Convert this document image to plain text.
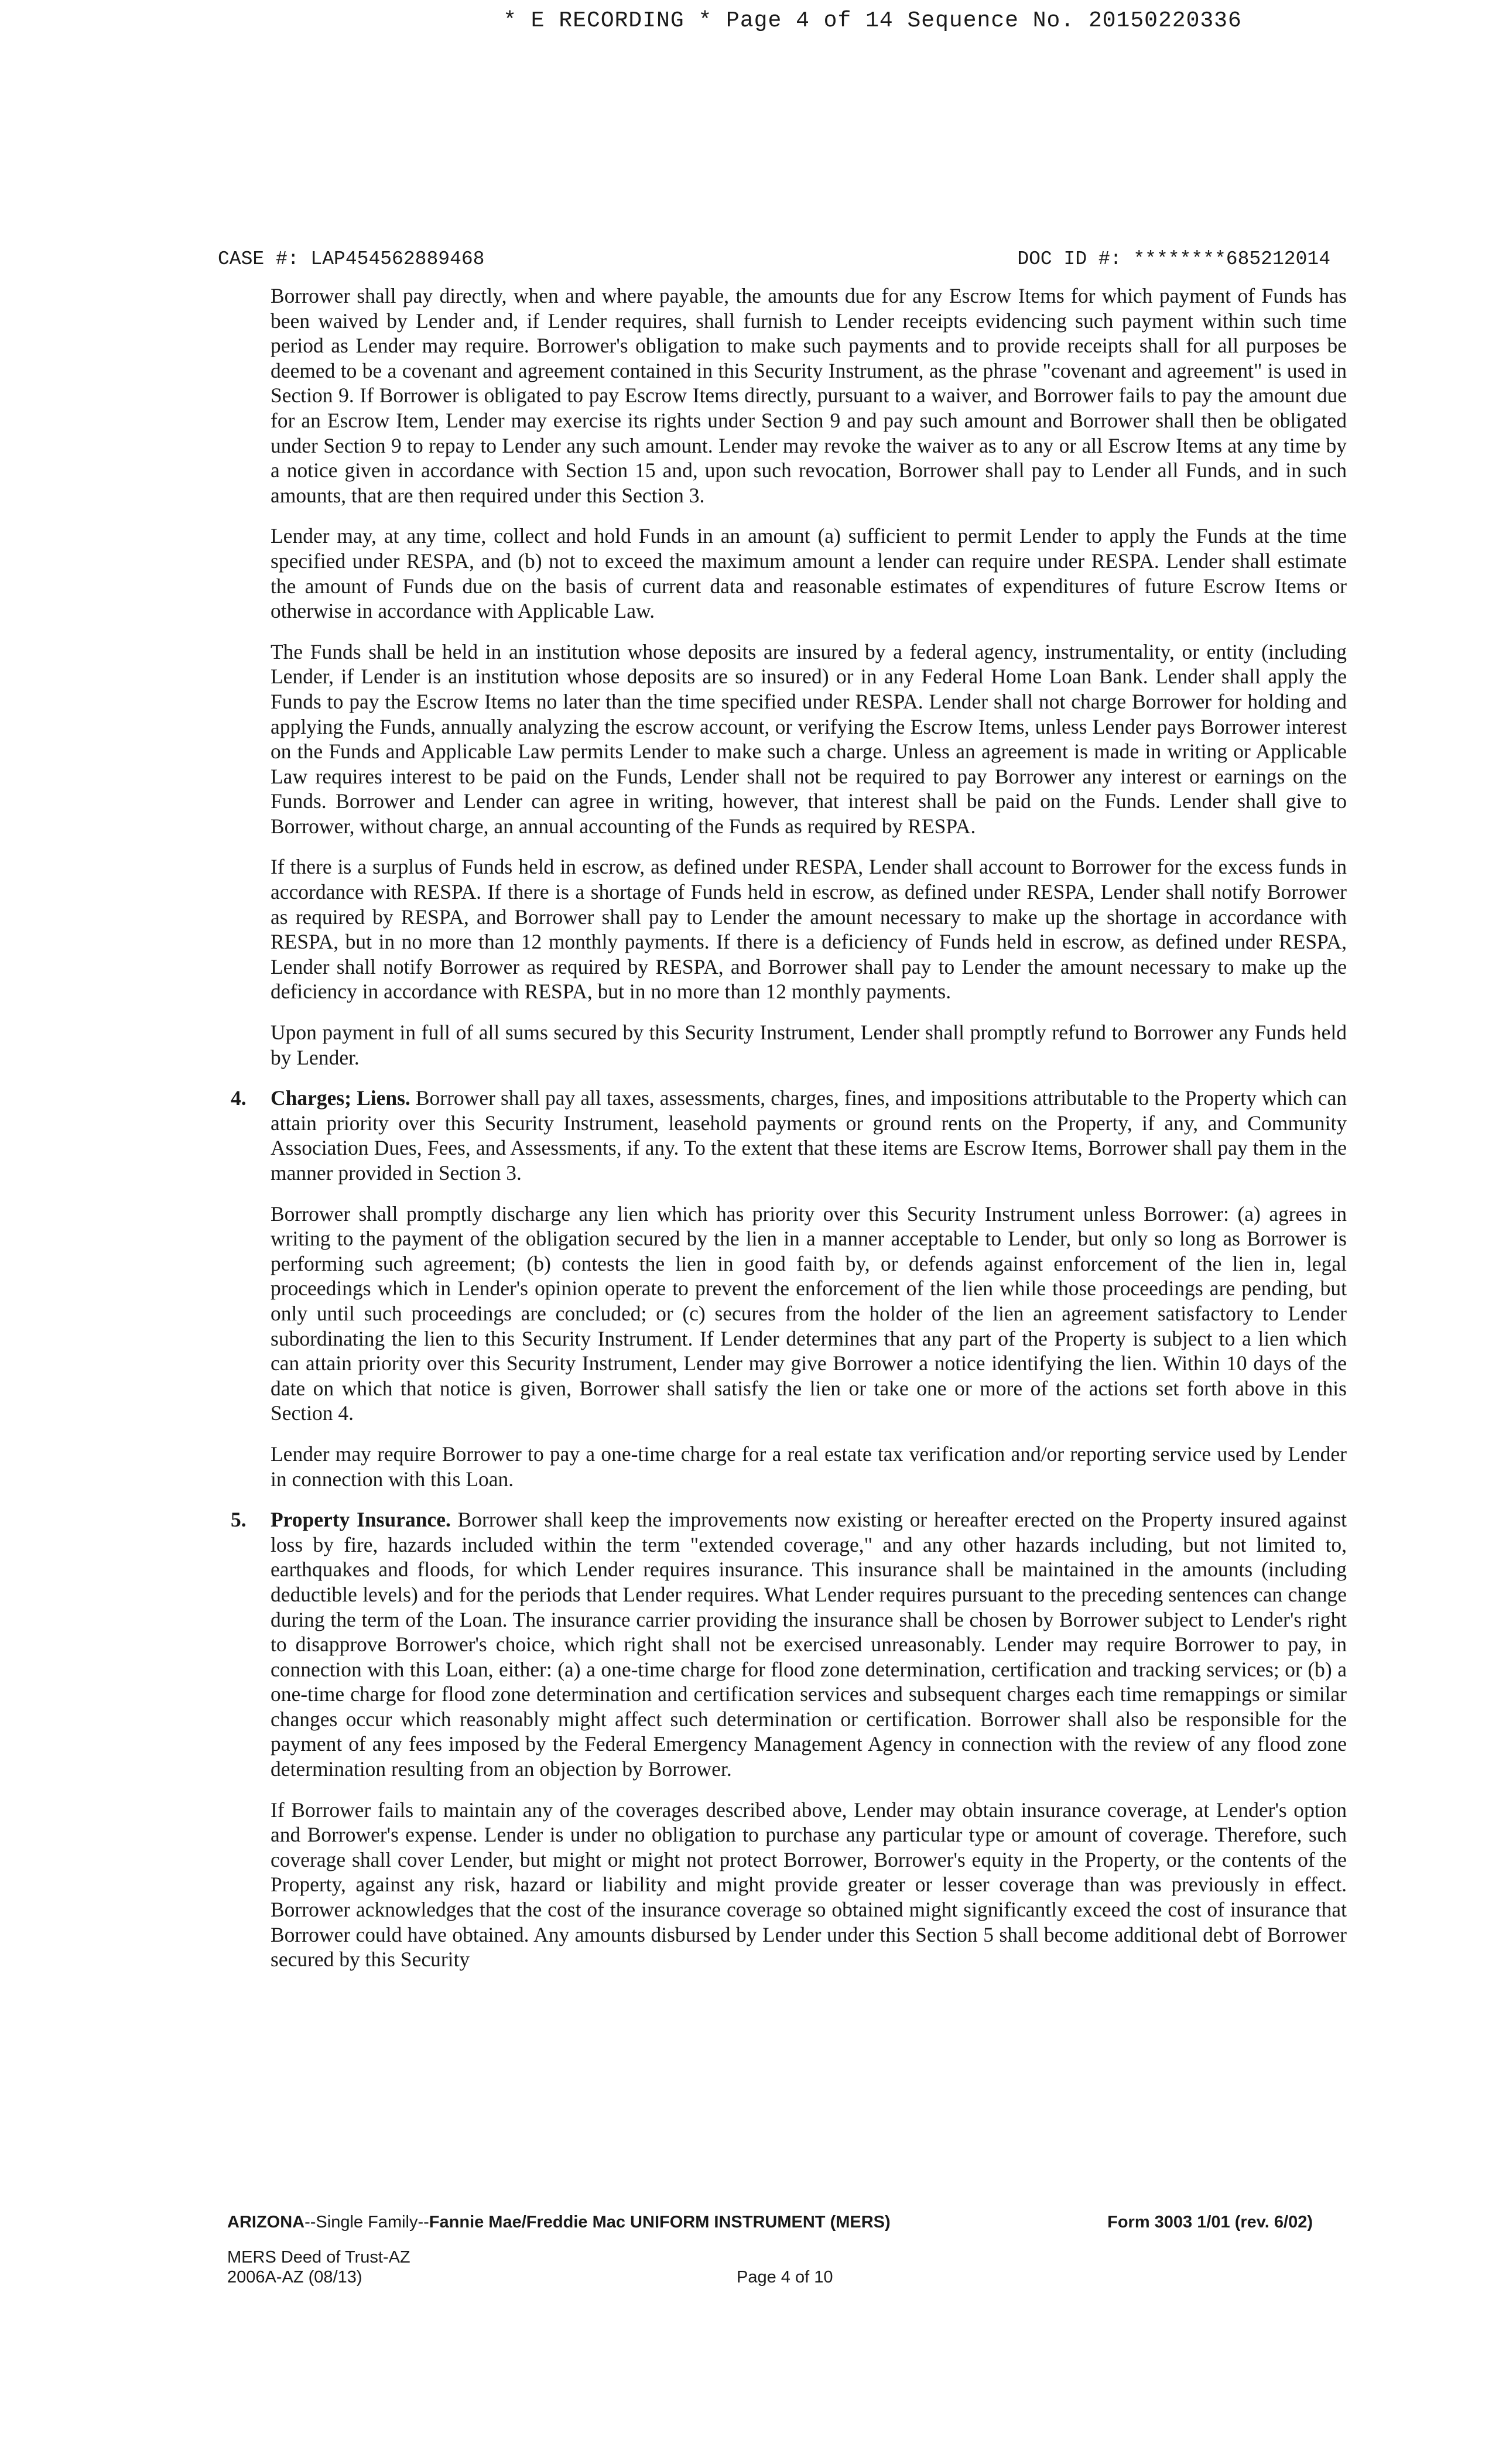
* E RECORDING * Page 4 of 14 Sequence No. 20150220336
CASE #: LAP454562889468	DOC ID #: ********685212014

Borrower shall pay directly, when and where payable, the amounts due for any Escrow Items for which payment of Funds has been waived by Lender and, if Lender requires, shall furnish to Lender receipts evidencing such payment within such time period as Lender may require. Borrower's obligation to make such payments and to provide receipts shall for all purposes be deemed to be a covenant and agreement contained in this Security Instrument, as the phrase "covenant and agreement" is used in Section 9. If Borrower is obligated to pay Escrow Items directly, pursuant to a waiver, and Borrower fails to pay the amount due for an Escrow Item, Lender may exercise its rights under Section 9 and pay such amount and Borrower shall then be obligated under Section 9 to repay to Lender any such amount. Lender may revoke the waiver as to any or all Escrow Items at any time by a notice given in accordance with Section 15 and, upon such revocation, Borrower shall pay to Lender all Funds, and in such amounts, that are then required under this Section 3.

Lender may, at any time, collect and hold Funds in an amount (a) sufficient to permit Lender to apply the Funds at the time specified under RESPA, and (b) not to exceed the maximum amount a lender can require under RESPA. Lender shall estimate the amount of Funds due on the basis of current data and reasonable estimates of expenditures of future Escrow Items or otherwise in accordance with Applicable Law.

The Funds shall be held in an institution whose deposits are insured by a federal agency, instrumentality, or entity (including Lender, if Lender is an institution whose deposits are so insured) or in any Federal Home Loan Bank. Lender shall apply the Funds to pay the Escrow Items no later than the time specified under RESPA. Lender shall not charge Borrower for holding and applying the Funds, annually analyzing the escrow account, or verifying the Escrow Items, unless Lender pays Borrower interest on the Funds and Applicable Law permits Lender to make such a charge. Unless an agreement is made in writing or Applicable Law requires interest to be paid on the Funds, Lender shall not be required to pay Borrower any interest or earnings on the Funds. Borrower and Lender can agree in writing, however, that interest shall be paid on the Funds. Lender shall give to Borrower, without charge, an annual accounting of the Funds as required by RESPA.

If there is a surplus of Funds held in escrow, as defined under RESPA, Lender shall account to Borrower for the excess funds in accordance with RESPA. If there is a shortage of Funds held in escrow, as defined under RESPA, Lender shall notify Borrower as required by RESPA, and Borrower shall pay to Lender the amount necessary to make up the shortage in accordance with RESPA, but in no more than 12 monthly payments. If there is a deficiency of Funds held in escrow, as defined under RESPA, Lender shall notify Borrower as required by RESPA, and Borrower shall pay to Lender the amount necessary to make up the deficiency in accordance with RESPA, but in no more than 12 monthly payments.

Upon payment in full of all sums secured by this Security Instrument, Lender shall promptly refund to Borrower any Funds held by Lender.

4. Charges; Liens. Borrower shall pay all taxes, assessments, charges, fines, and impositions attributable to the Property which can attain priority over this Security Instrument, leasehold payments or ground rents on the Property, if any, and Community Association Dues, Fees, and Assessments, if any. To the extent that these items are Escrow Items, Borrower shall pay them in the manner provided in Section 3.

Borrower shall promptly discharge any lien which has priority over this Security Instrument unless Borrower: (a) agrees in writing to the payment of the obligation secured by the lien in a manner acceptable to Lender, but only so long as Borrower is performing such agreement; (b) contests the lien in good faith by, or defends against enforcement of the lien in, legal proceedings which in Lender's opinion operate to prevent the enforcement of the lien while those proceedings are pending, but only until such proceedings are concluded; or (c) secures from the holder of the lien an agreement satisfactory to Lender subordinating the lien to this Security Instrument. If Lender determines that any part of the Property is subject to a lien which can attain priority over this Security Instrument, Lender may give Borrower a notice identifying the lien. Within 10 days of the date on which that notice is given, Borrower shall satisfy the lien or take one or more of the actions set forth above in this Section 4.

Lender may require Borrower to pay a one-time charge for a real estate tax verification and/or reporting service used by Lender in connection with this Loan.

5. Property Insurance. Borrower shall keep the improvements now existing or hereafter erected on the Property insured against loss by fire, hazards included within the term "extended coverage," and any other hazards including, but not limited to, earthquakes and floods, for which Lender requires insurance. This insurance shall be maintained in the amounts (including deductible levels) and for the periods that Lender requires. What Lender requires pursuant to the preceding sentences can change during the term of the Loan. The insurance carrier providing the insurance shall be chosen by Borrower subject to Lender's right to disapprove Borrower's choice, which right shall not be exercised unreasonably. Lender may require Borrower to pay, in connection with this Loan, either: (a) a one-time charge for flood zone determination, certification and tracking services; or (b) a one-time charge for flood zone determination and certification services and subsequent charges each time remappings or similar changes occur which reasonably might affect such determination or certification. Borrower shall also be responsible for the payment of any fees imposed by the Federal Emergency Management Agency in connection with the review of any flood zone determination resulting from an objection by Borrower.

If Borrower fails to maintain any of the coverages described above, Lender may obtain insurance coverage, at Lender's option and Borrower's expense. Lender is under no obligation to purchase any particular type or amount of coverage. Therefore, such coverage shall cover Lender, but might or might not protect Borrower, Borrower's equity in the Property, or the contents of the Property, against any risk, hazard or liability and might provide greater or lesser coverage than was previously in effect. Borrower acknowledges that the cost of the insurance coverage so obtained might significantly exceed the cost of insurance that Borrower could have obtained. Any amounts disbursed by Lender under this Section 5 shall become additional debt of Borrower secured by this Security

ARIZONA--Single Family--Fannie Mae/Freddie Mac UNIFORM INSTRUMENT (MERS)	Form 3003 1/01 (rev. 6/02)
MERS Deed of Trust-AZ
2006A-AZ (08/13)	Page 4 of 10
